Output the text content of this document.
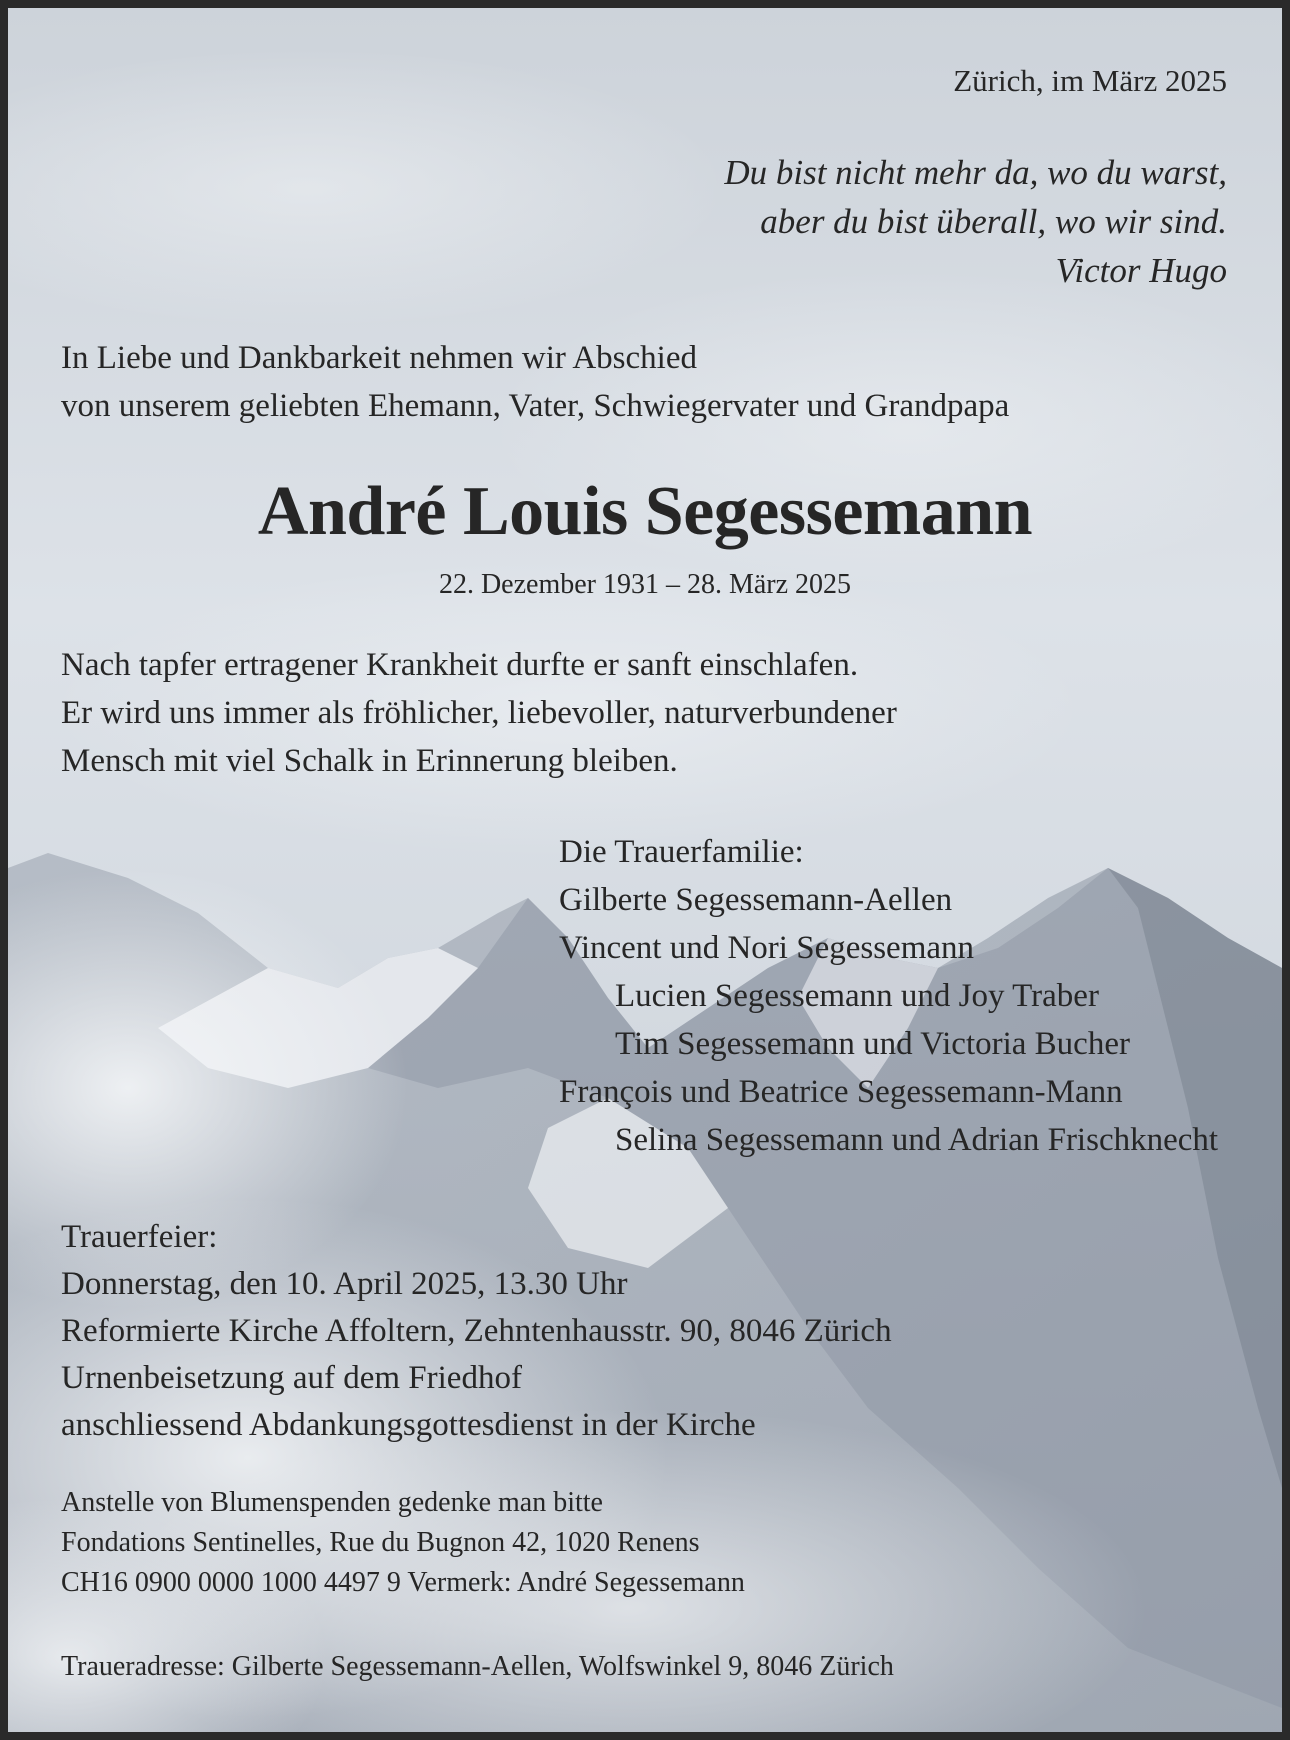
Zürich, im März 2025
Du bist nicht mehr da, wo du warst,
aber du bist überall, wo wir sind.
Victor Hugo
In Liebe und Dankbarkeit nehmen wir Abschied
von unserem geliebten Ehemann, Vater, Schwiegervater und Grandpapa
André Louis Segessemann
22. Dezember 1931 – 28. März 2025
Nach tapfer ertragener Krankheit durfte er sanft einschlafen.
Er wird uns immer als fröhlicher, liebevoller, naturverbundener
Mensch mit viel Schalk in Erinnerung bleiben.
Die Trauerfamilie:
Gilberte Segessemann-Aellen
Vincent und Nori Segessemann
Lucien Segessemann und Joy Traber
Tim Segessemann und Victoria Bucher
François und Beatrice Segessemann-Mann
Selina Segessemann und Adrian Frischknecht
Trauerfeier:
Donnerstag, den 10. April 2025, 13.30 Uhr
Reformierte Kirche Affoltern, Zehntenhausstr. 90, 8046 Zürich
Urnenbeisetzung auf dem Friedhof
anschliessend Abdankungsgottesdienst in der Kirche
Anstelle von Blumenspenden gedenke man bitte
Fondations Sentinelles, Rue du Bugnon 42, 1020 Renens
CH16 0900 0000 1000 4497 9 Vermerk: André Segessemann
Traueradresse: Gilberte Segessemann-Aellen, Wolfswinkel 9, 8046 Zürich
